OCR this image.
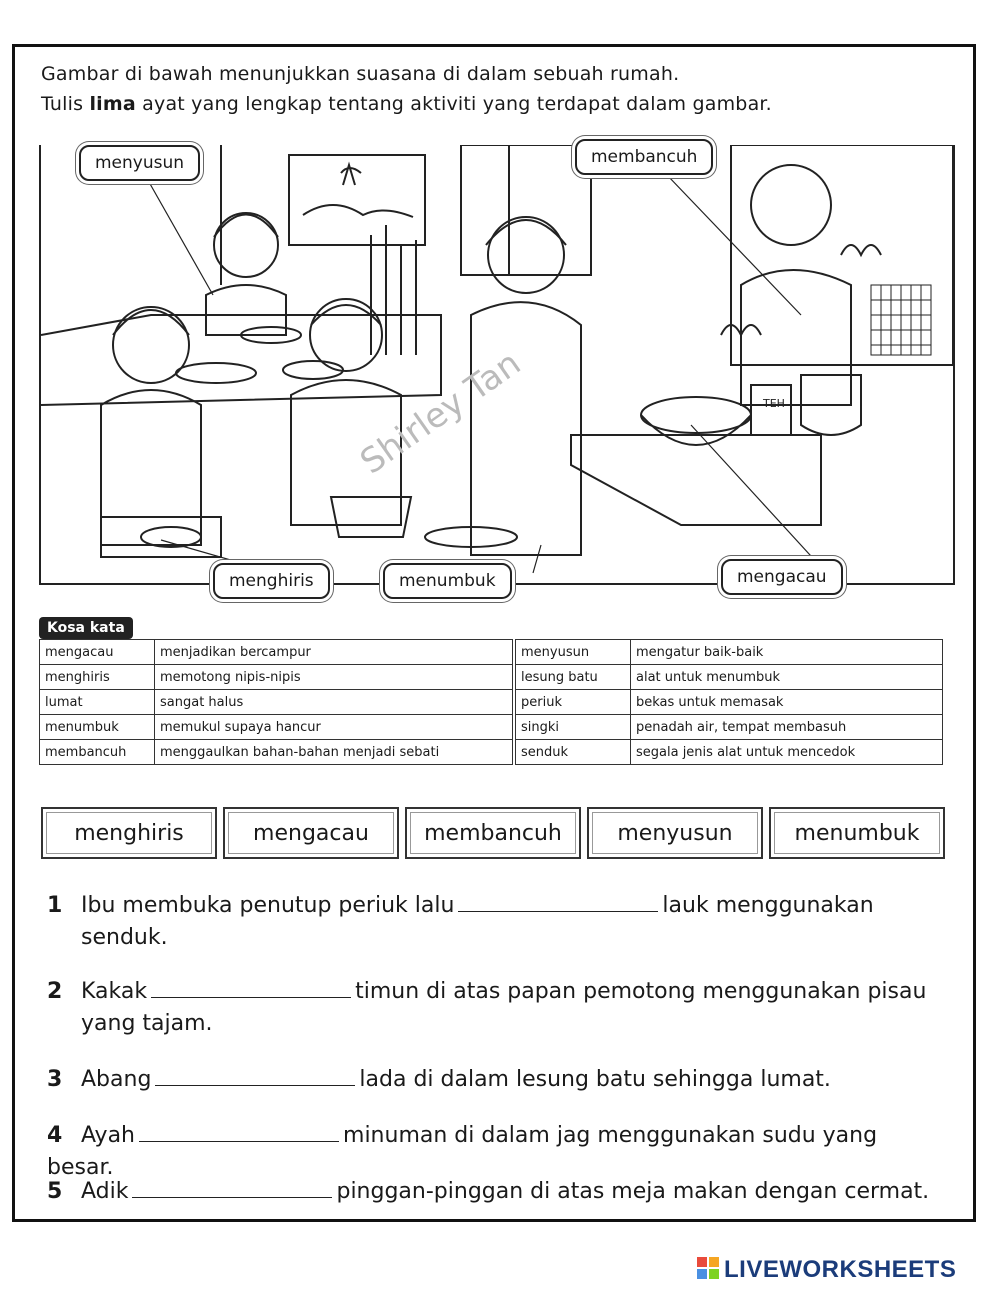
Gambar di bawah menunjukkan suasana di dalam sebuah rumah.
Tulis lima ayat yang lengkap tentang aktiviti yang terdapat dalam gambar.
TEH
Shirley Tan
menyusun	membancuh
menghiris	menumbuk	mengacau
Kosa kata
mengacau	menjadikan bercampur
menghiris	memotong nipis-nipis
lumat	sangat halus
menumbuk	memukul supaya hancur
membancuh	menggaulkan bahan-bahan menjadi sebati
menyusun	mengatur baik-baik
lesung batu	alat untuk menumbuk
periuk	bekas untuk memasak
singki	penadah air, tempat membasuh
senduk	segala jenis alat untuk mencedok
menghiris	mengacau	membancuh	menyusun	menumbuk
1 Ibu membuka penutup periuk lalu	lauk menggunakan
senduk.
2 Kakak	timun di atas papan pemotong menggunakan pisau
yang tajam.
3 Abang	lada di dalam lesung batu sehingga lumat.
4 Ayah	minuman di dalam jag menggunakan sudu yang besar.
5 Adik	pinggan-pinggan di atas meja makan dengan cermat.
LIVEWORKSHEETS
